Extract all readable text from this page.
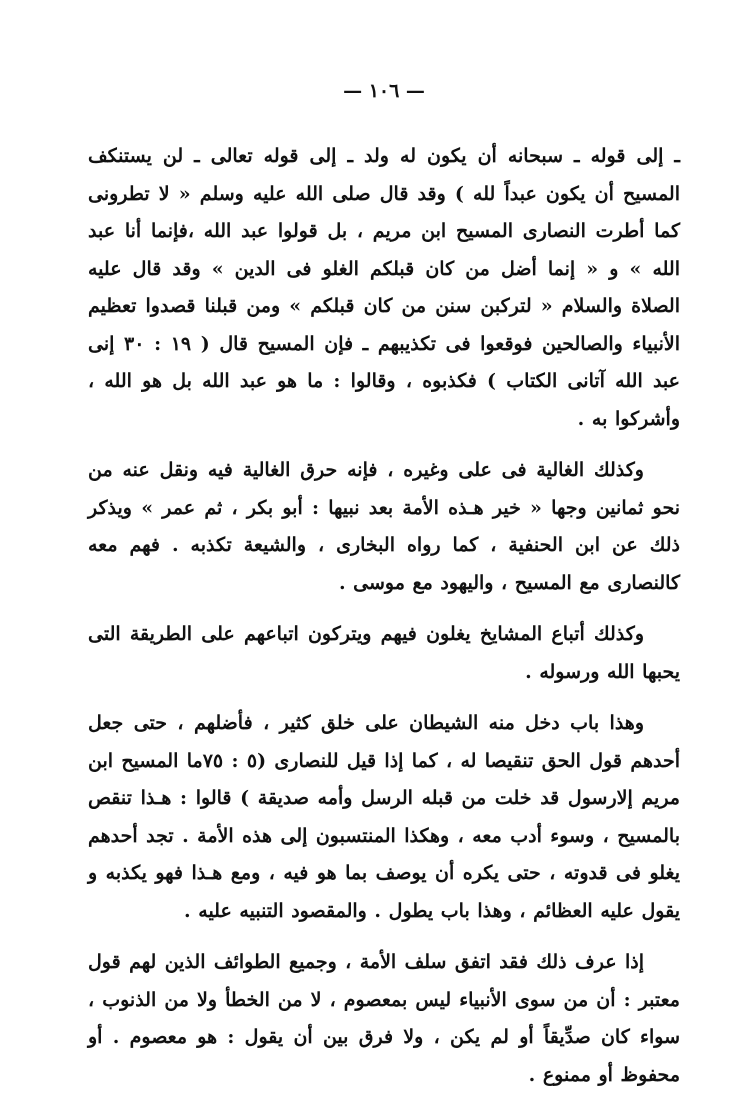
— ١٠٦ —

ـ إلى قوله ـ سبحانه أن يكون له ولد ـ إلى قوله تعالى ـ لن يستنكف المسيح أن يكون عبداً لله ) وقد قال صلى الله عليه وسلم « لا تطرونى كما أطرت النصارى المسيح ابن مريم ، بل قولوا عبد الله ،فإنما أنا عبد الله » و « إنما أضل من كان قبلكم الغلو فى الدين » وقد قال عليه الصلاة والسلام « لتركبن سنن من كان قبلكم » ومن قبلنا قصدوا تعظيم الأنبياء والصالحين فوقعوا فى تكذيبهم ـ فإن المسيح قال ( ١٩ : ٣٠ إنى عبد الله آتانى الكتاب ) فكذبوه ، وقالوا : ما هو عبد الله بل هو الله ، وأشركوا به .

وكذلك الغالية فى على وغيره ، فإنه حرق الغالية فيه ونقل عنه من نحو ثمانين وجها « خير هـذه الأمة بعد نبيها : أبو بكر ، ثم عمر » ويذكر ذلك عن ابن الحنفية ، كما رواه البخارى ، والشيعة تكذبه . فهم معه كالنصارى مع المسيح ، واليهود مع موسى .

وكذلك أتباع المشايخ يغلون فيهم ويتركون اتباعهم على الطريقة التى يحبها الله ورسوله .

وهذا باب دخل منه الشيطان على خلق كثير ، فأضلهم ، حتى جعل أحدهم قول الحق تنقيصا له ، كما إذا قيل للنصارى (٥ : ٧٥ما المسيح ابن مريم إلارسول قد خلت من قبله الرسل وأمه صديقة ) قالوا : هـذا تنقص بالمسيح ، وسوء أدب معه ، وهكذا المنتسبون إلى هذه الأمة . تجد أحدهم يغلو فى قدوته ، حتى يكره أن يوصف بما هو فيه ، ومع هـذا فهو يكذبه و يقول عليه العظائم ، وهذا باب يطول . والمقصود التنبيه عليه .

إذا عرف ذلك فقد اتفق سلف الأمة ، وجميع الطوائف الذين لهم قول معتبر : أن من سوى الأنبياء ليس بمعصوم ، لا من الخطأ ولا من الذنوب ، سواء كان صدِّيقاً أو لم يكن ، ولا فرق بين أن يقول : هو معصوم . أو محفوظ أو ممنوع .
